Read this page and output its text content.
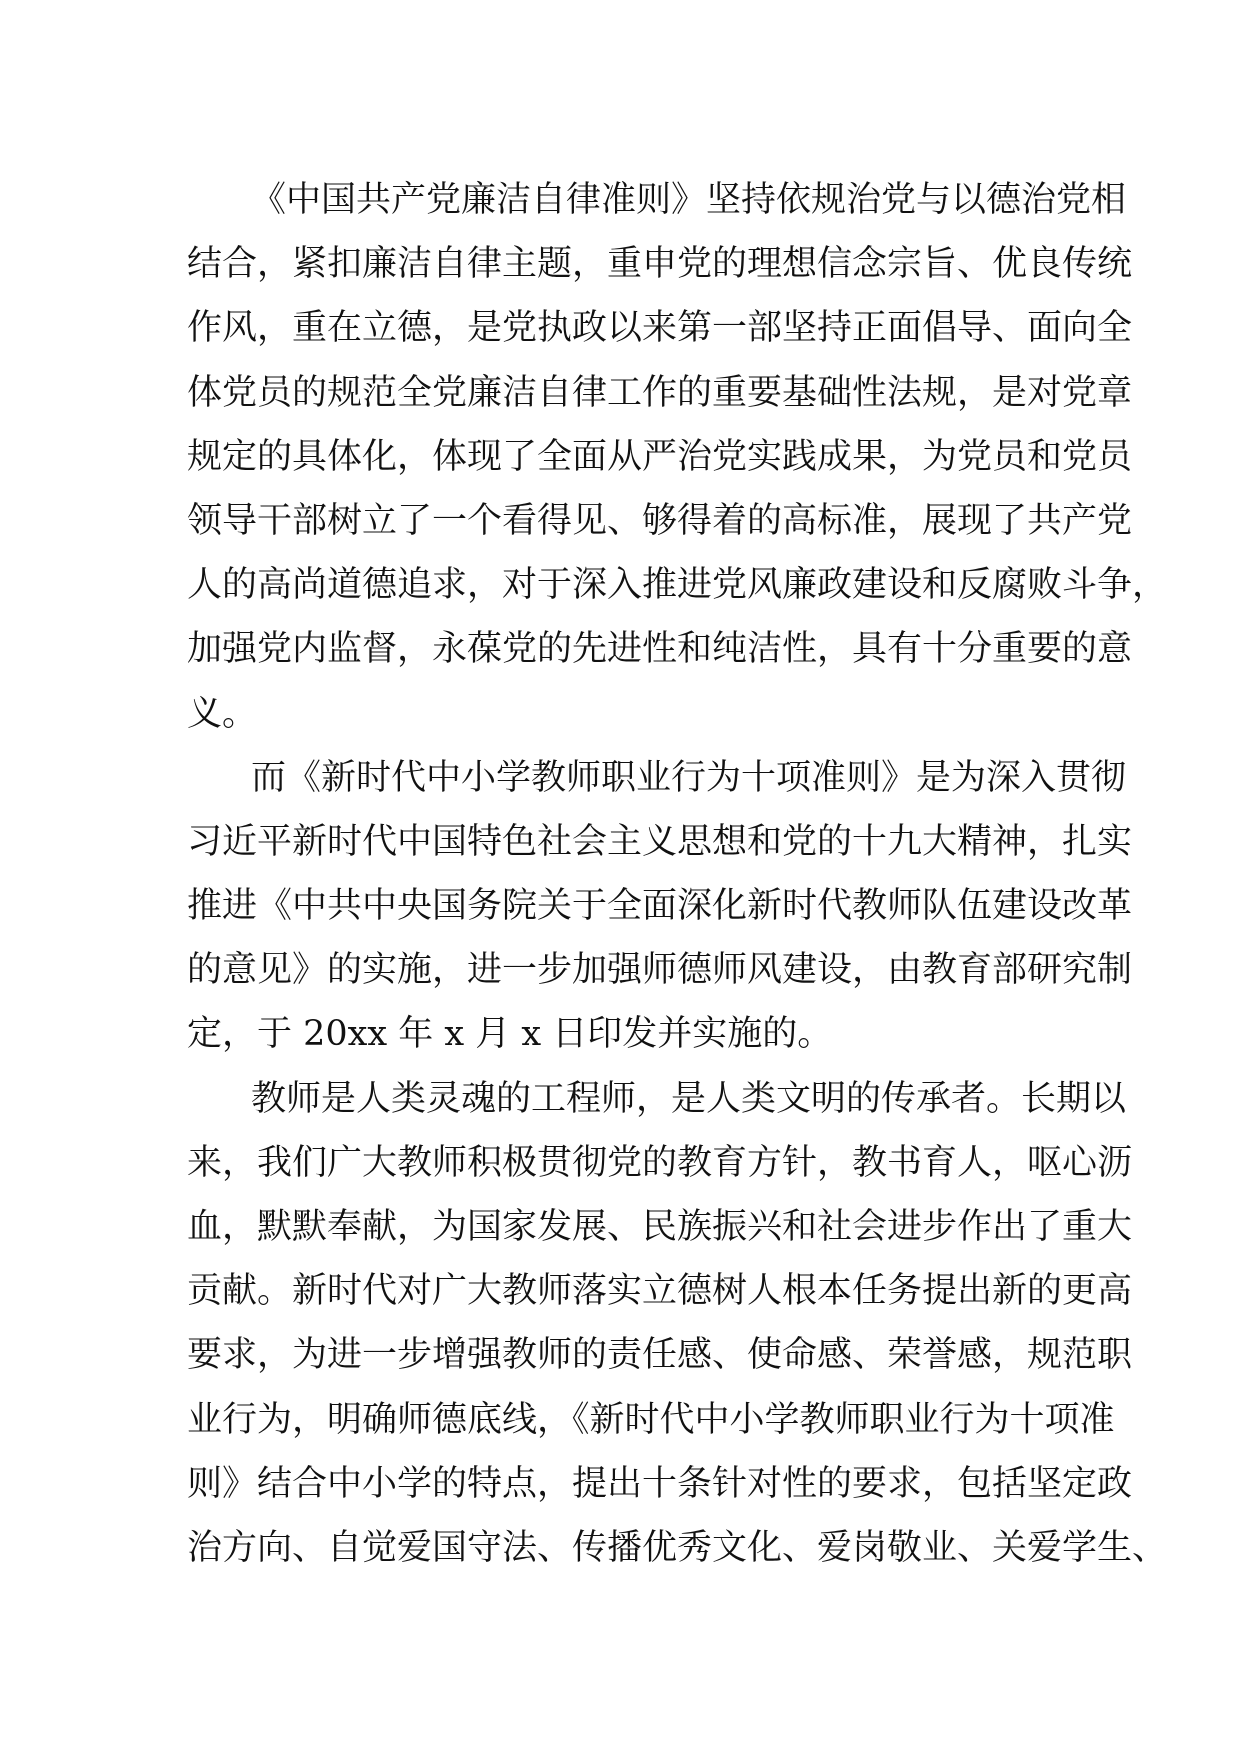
《中国共产党廉洁自律准则》坚持依规治党与以德治党相
结合，紧扣廉洁自律主题，重申党的理想信念宗旨、优良传统
作风，重在立德，是党执政以来第一部坚持正面倡导、面向全
体党员的规范全党廉洁自律工作的重要基础性法规，是对党章
规定的具体化，体现了全面从严治党实践成果，为党员和党员
领导干部树立了一个看得见、够得着的高标准，展现了共产党
人的高尚道德追求，对于深入推进党风廉政建设和反腐败斗争，
加强党内监督，永葆党的先进性和纯洁性，具有十分重要的意
义。
而《新时代中小学教师职业行为十项准则》是为深入贯彻
习近平新时代中国特色社会主义思想和党的十九大精神，扎实
推进《中共中央国务院关于全面深化新时代教师队伍建设改革
的意见》的实施，进一步加强师德师风建设，由教育部研究制
定，于 20xx 年 x 月 x 日印发并实施的。
教师是人类灵魂的工程师，是人类文明的传承者。长期以
来，我们广大教师积极贯彻党的教育方针，教书育人，呕心沥
血，默默奉献，为国家发展、民族振兴和社会进步作出了重大
贡献。新时代对广大教师落实立德树人根本任务提出新的更高
要求，为进一步增强教师的责任感、使命感、荣誉感，规范职
业行为，明确师德底线，《新时代中小学教师职业行为十项准
则》结合中小学的特点，提出十条针对性的要求，包括坚定政
治方向、自觉爱国守法、传播优秀文化、爱岗敬业、关爱学生、
